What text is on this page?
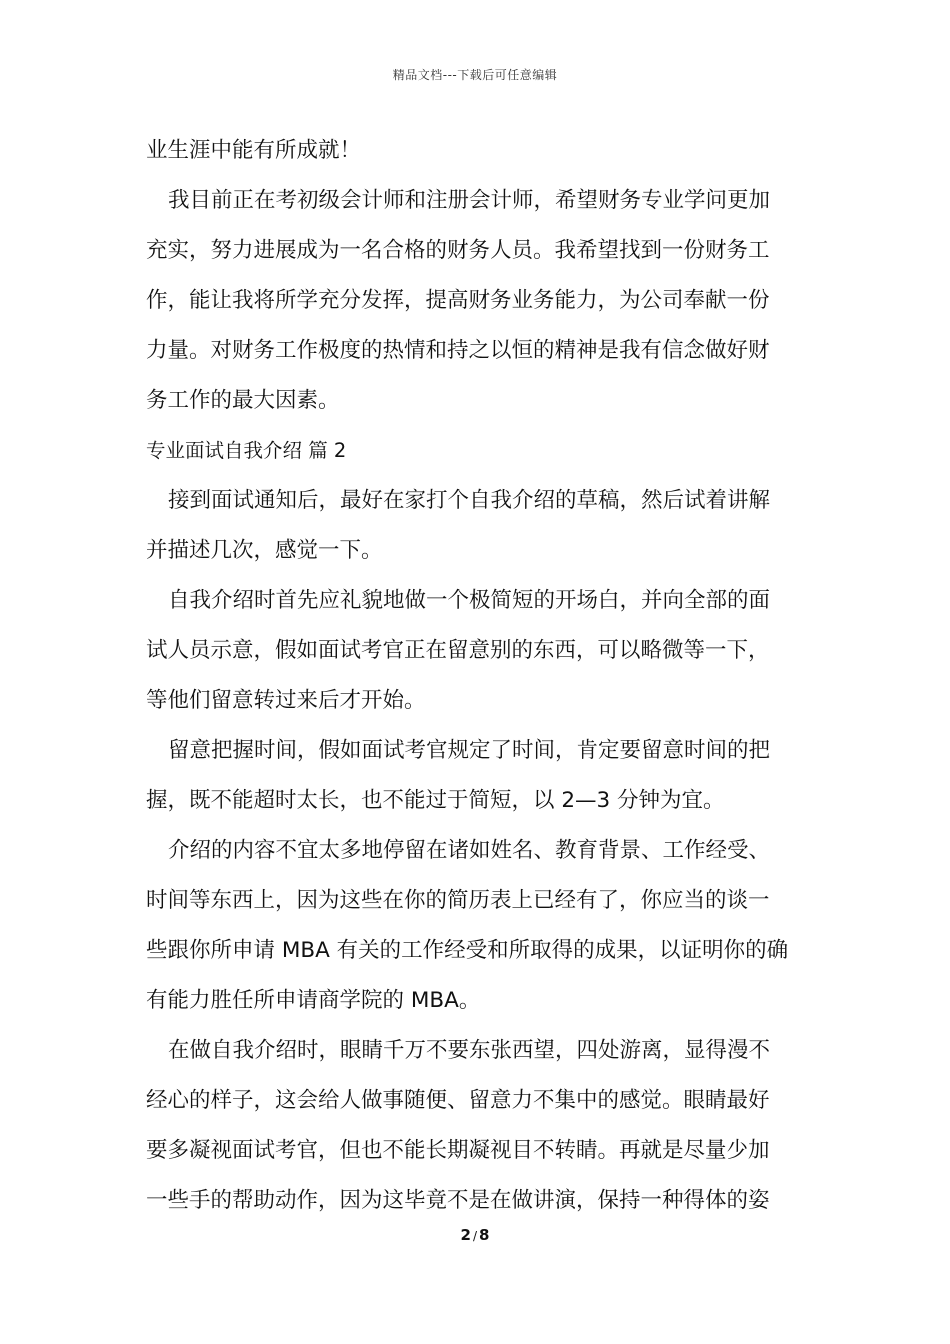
精品文档---下载后可任意编辑
业生涯中能有所成就！
我目前正在考初级会计师和注册会计师，希望财务专业学问更加
充实，努力进展成为一名合格的财务人员。我希望找到一份财务工
作，能让我将所学充分发挥，提高财务业务能力，为公司奉献一份
力量。对财务工作极度的热情和持之以恒的精神是我有信念做好财
务工作的最大因素。
专业面试自我介绍 篇 2
接到面试通知后，最好在家打个自我介绍的草稿，然后试着讲解
并描述几次，感觉一下。
自我介绍时首先应礼貌地做一个极简短的开场白，并向全部的面
试人员示意，假如面试考官正在留意别的东西，可以略微等一下，
等他们留意转过来后才开始。
留意把握时间，假如面试考官规定了时间，肯定要留意时间的把
握，既不能超时太长，也不能过于简短，以 2—3 分钟为宜。
介绍的内容不宜太多地停留在诸如姓名、教育背景、工作经受、
时间等东西上，因为这些在你的简历表上已经有了，你应当的谈一
些跟你所申请 MBA 有关的工作经受和所取得的成果，以证明你的确
有能力胜任所申请商学院的 MBA。
在做自我介绍时，眼睛千万不要东张西望，四处游离，显得漫不
经心的样子，这会给人做事随便、留意力不集中的感觉。眼睛最好
要多凝视面试考官，但也不能长期凝视目不转睛。再就是尽量少加
一些手的帮助动作，因为这毕竟不是在做讲演，保持一种得体的姿
2 / 8
